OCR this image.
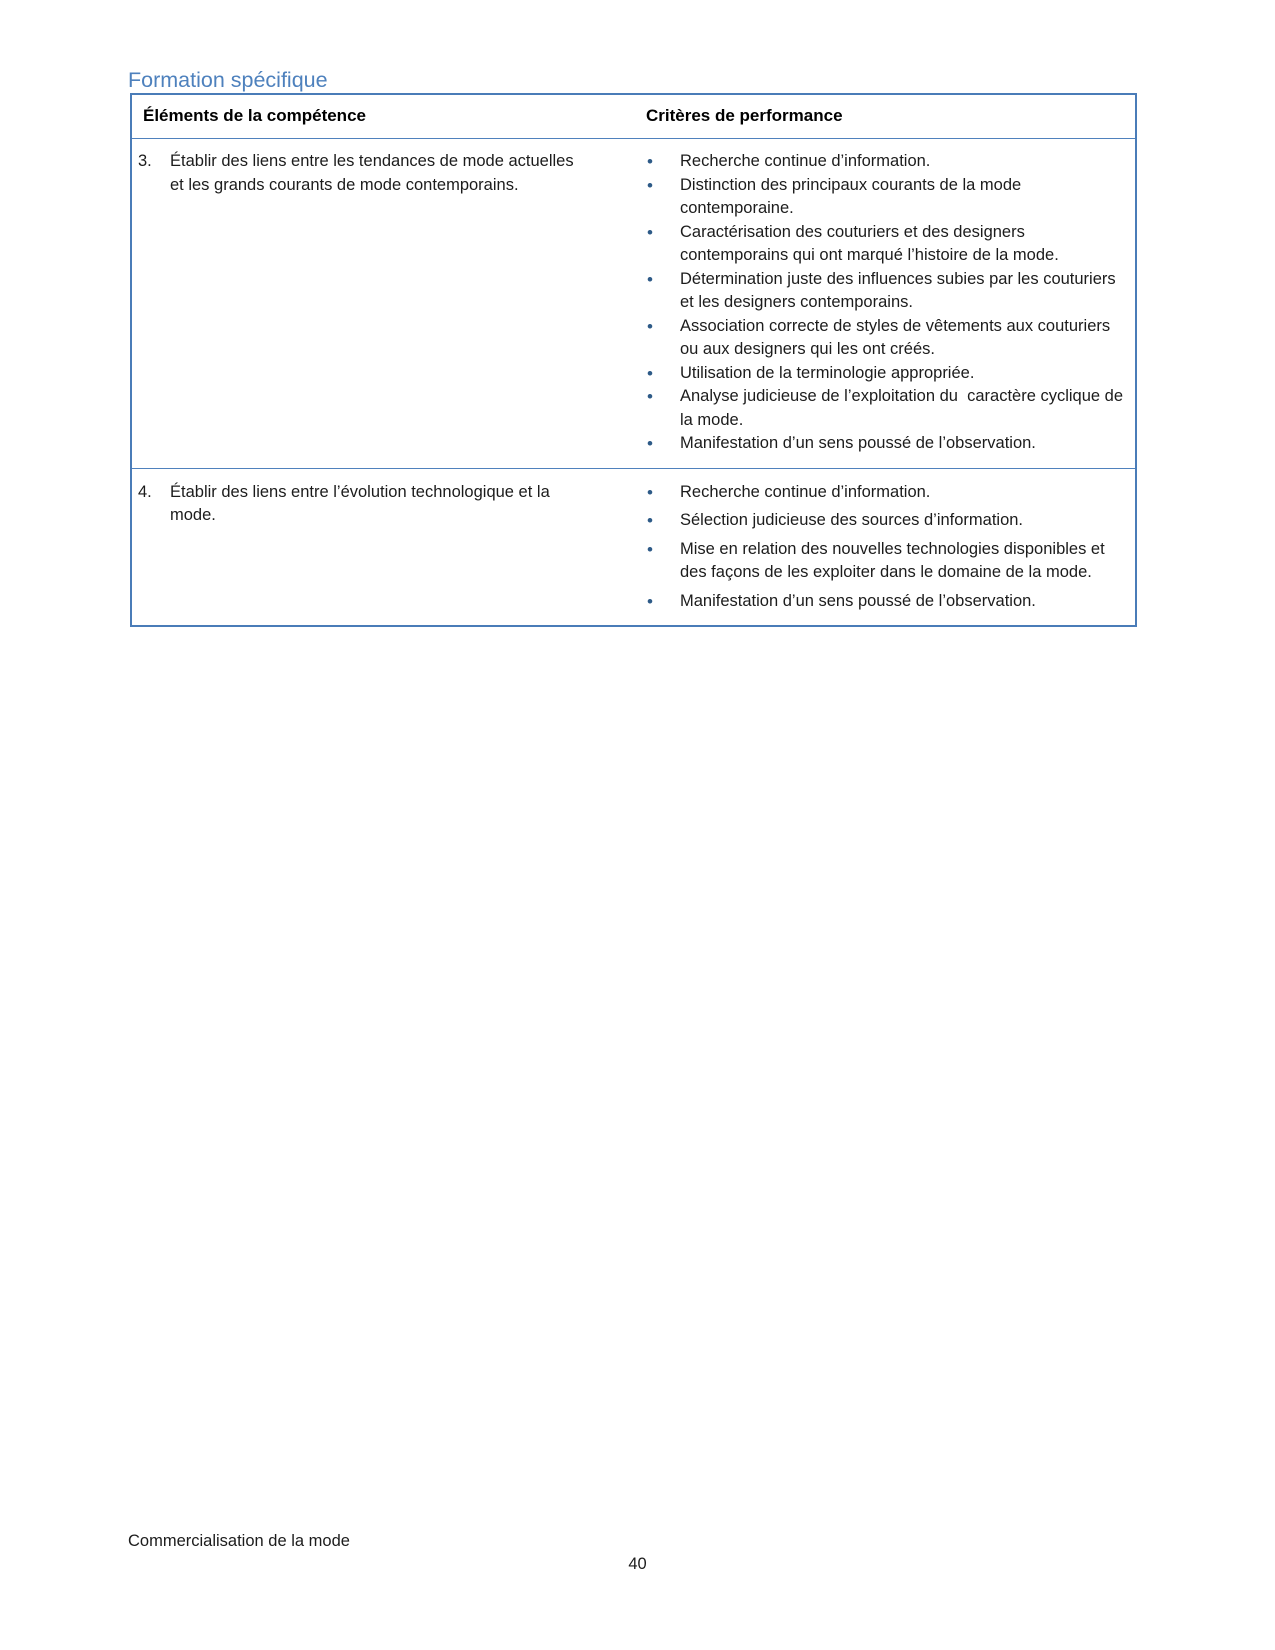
Formation spécifique
Éléments de la compétence	Critères de performance
3.	Établir des liens entre les tendances de mode actuelles et les grands courants de mode contemporains.
• Recherche continue d’information.
• Distinction des principaux courants de la mode contemporaine.
• Caractérisation des couturiers et des designers contemporains qui ont marqué l’histoire de la mode.
• Détermination juste des influences subies par les couturiers et les designers contemporains.
• Association correcte de styles de vêtements aux couturiers ou aux designers qui les ont créés.
• Utilisation de la terminologie appropriée.
• Analyse judicieuse de l’exploitation du  caractère cyclique de la mode.
• Manifestation d’un sens poussé de l’observation.
4.	Établir des liens entre l’évolution technologique et la mode.
• Recherche continue d’information.
• Sélection judicieuse des sources d’information.
• Mise en relation des nouvelles technologies disponibles et des façons de les exploiter dans le domaine de la mode.
• Manifestation d’un sens poussé de l’observation.
Commercialisation de la mode
40
